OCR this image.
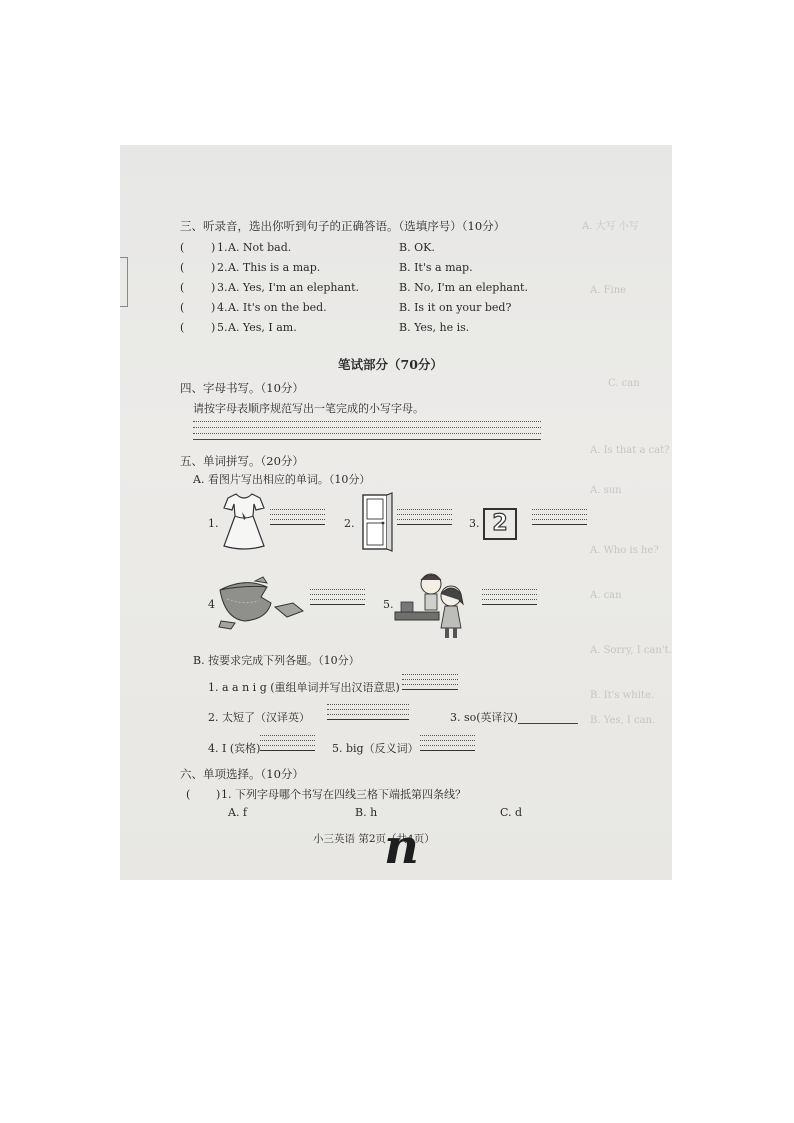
A. 大写 小写
A. Fine
C. can
A. Is that a cat?
A. sun
A. Who is he?
A. can
A. Sorry, I can't.
B. It's white.
B. Yes, I can.
三、听录音，选出你听到句子的正确答语。（选填序号）（10分）
( ) 1. A. Not bad.	B. OK.
( ) 2. A. This is a map.	B. It's a map.
( ) 3. A. Yes, I'm an elephant.	B. No, I'm an elephant.
( ) 4. A. It's on the bed.	B. Is it on your bed?
( ) 5. A. Yes, I am.	B. Yes, he is.
笔试部分（70分）
四、字母书写。（10分）
请按字母表顺序规范写出一笔完成的小写字母。
五、单词拼写。（20分）
A. 看图片写出相应的单词。（10分）
1.	2.	3. 2
4	5.
B. 按要求完成下列各题。（10分）
1. a a n i g (重组单词并写出汉语意思)
2. 太短了（汉译英）	3. so(英译汉)
4. I (宾格)	5. big（反义词）
六、单项选择。（10分）
( ) 1. 下列字母哪个书写在四线三格下端抵第四条线？
A. f	B. h	C. d
小三英语 第2页（共4页）
n
